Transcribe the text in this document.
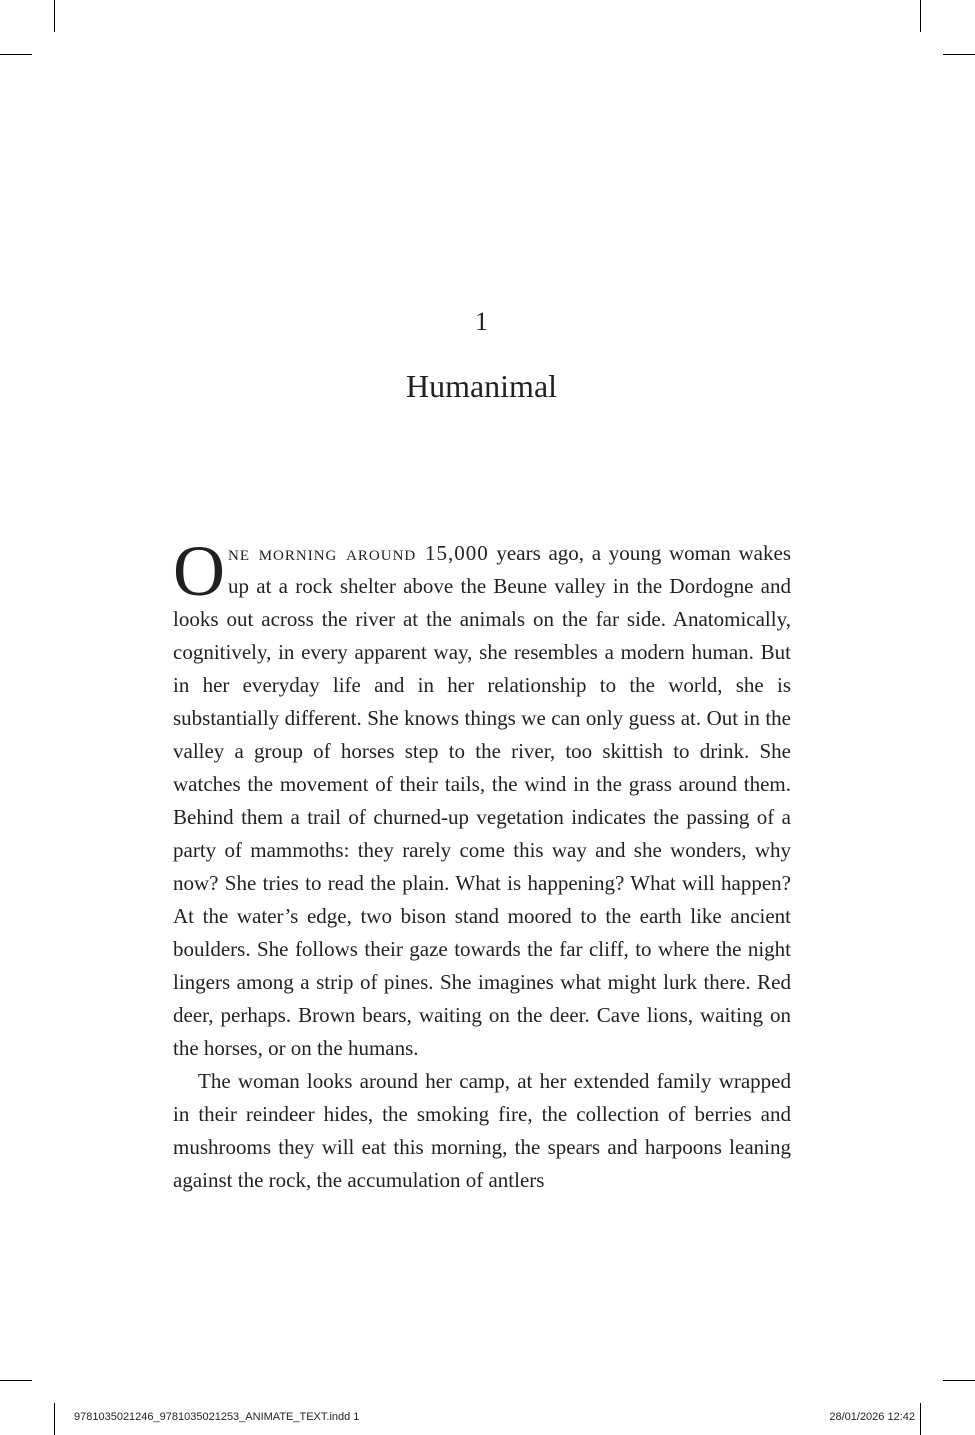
1
Humanimal

One morning around 15,000 years ago, a young woman wakes up at a rock shelter above the Beune valley in the Dordogne and looks out across the river at the animals on the far side. Anatomically, cognitively, in every apparent way, she resembles a modern human. But in her everyday life and in her relationship to the world, she is substantially different. She knows things we can only guess at. Out in the valley a group of horses step to the river, too skittish to drink. She watches the movement of their tails, the wind in the grass around them. Behind them a trail of churned-up vegetation indicates the passing of a party of mammoths: they rarely come this way and she wonders, why now? She tries to read the plain. What is happening? What will happen? At the water’s edge, two bison stand moored to the earth like ancient boulders. She follows their gaze towards the far cliff, to where the night lingers among a strip of pines. She imagines what might lurk there. Red deer, perhaps. Brown bears, waiting on the deer. Cave lions, waiting on the horses, or on the humans.

The woman looks around her camp, at her extended family wrapped in their reindeer hides, the smoking fire, the collection of berries and mushrooms they will eat this morning, the spears and harpoons leaning against the rock, the accumulation of antlers

9781035021246_9781035021253_ANIMATE_TEXT.indd 1	28/01/2026 12:42
